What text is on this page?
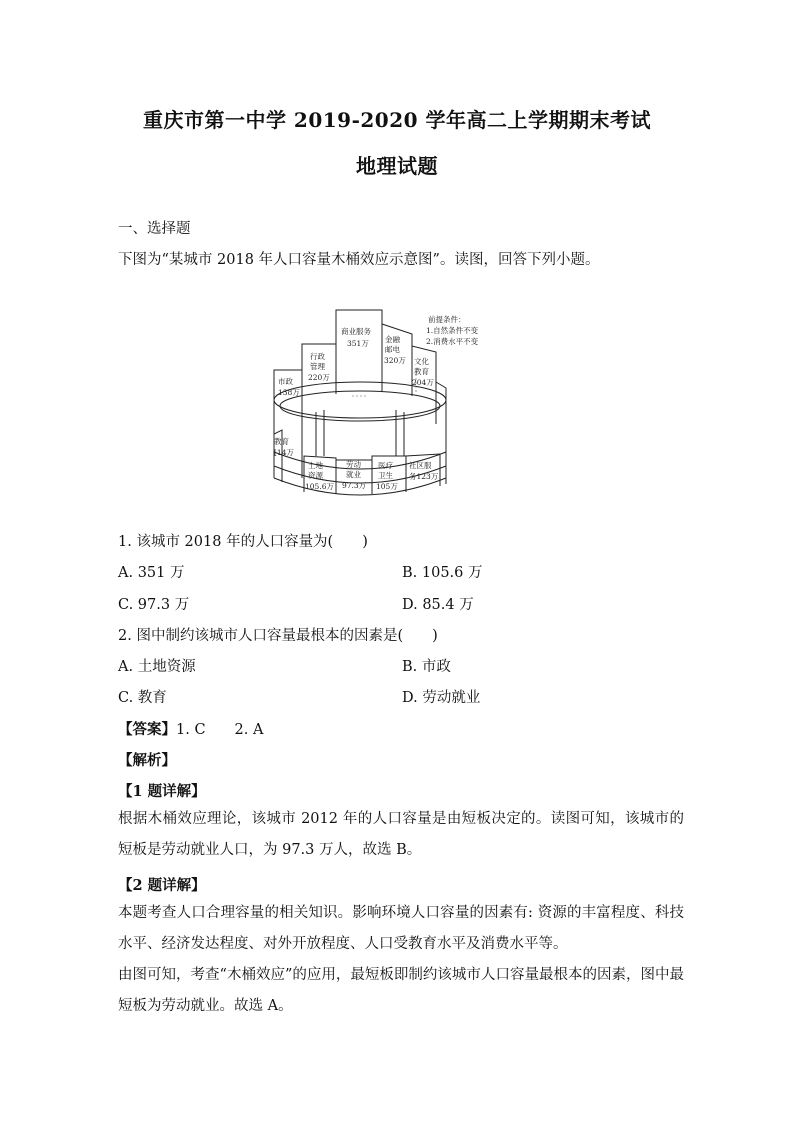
重庆市第一中学 2019-2020 学年高二上学期期末考试
地理试题
一、选择题
下图为“某城市 2018 年人口容量木桶效应示意图”。读图，回答下列小题。
前提条件：
1.自然条件不变
2.消费水平不变
商业服务
351万 金融
邮电
320万
行政
管理
220万
文化
教育
204万
市政
138万
教育
[14万
土地
资源
105.6万
劳动
就业
97.3万
医疗
卫生
105万
社区服
务123万
1. 该城市 2018 年的人口容量为(　　)
A. 351 万	B. 105.6 万
C. 97.3 万	D. 85.4 万
2. 图中制约该城市人口容量最根本的因素是(　　)
A. 土地资源	B. 市政
C. 教育	D. 劳动就业
【答案】1. C　　2. A
【解析】
【1 题详解】
根据木桶效应理论，该城市 2012 年的人口容量是由短板决定的。读图可知，该城市的短板是劳动就业人口，为 97.3 万人，故选 B。
【2 题详解】
本题考查人口合理容量的相关知识。影响环境人口容量的因素有: 资源的丰富程度、科技水平、经济发达程度、对外开放程度、人口受教育水平及消费水平等。
由图可知，考查“木桶效应”的应用，最短板即制约该城市人口容量最根本的因素，图中最短板为劳动就业。故选 A。
